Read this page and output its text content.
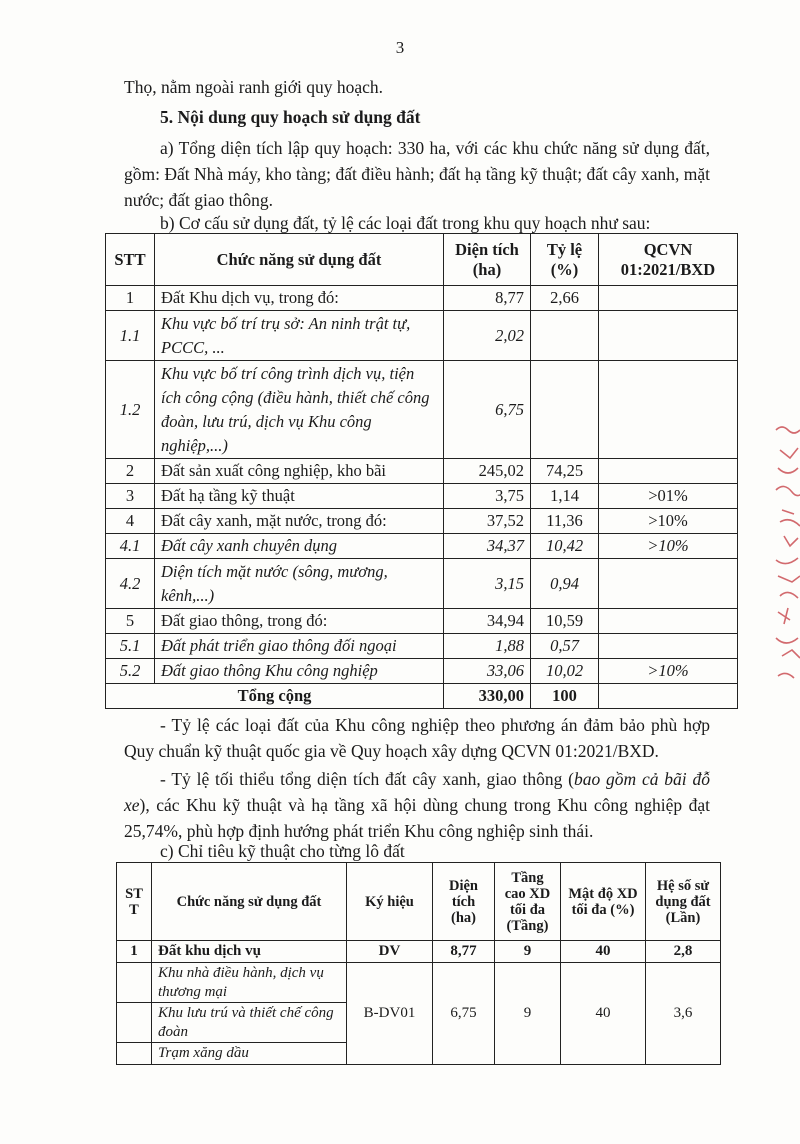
3

Thọ, nằm ngoài ranh giới quy hoạch.

5. Nội dung quy hoạch sử dụng đất

a) Tổng diện tích lập quy hoạch: 330 ha, với các khu chức năng sử dụng đất, gồm: Đất Nhà máy, kho tàng; đất điều hành; đất hạ tầng kỹ thuật; đất cây xanh, mặt nước; đất giao thông.

b) Cơ cấu sử dụng đất, tỷ lệ các loại đất trong khu quy hoạch như sau:

STT	Chức năng sử dụng đất	Diện tích (ha)	Tỷ lệ (%)	QCVN 01:2021/BXD
1	Đất Khu dịch vụ, trong đó:	8,77	2,66	
1.1	Khu vực bố trí trụ sở: An ninh trật tự, PCCC, ...	2,02		
1.2	Khu vực bố trí công trình dịch vụ, tiện ích công cộng (điều hành, thiết chế công đoàn, lưu trú, dịch vụ Khu công nghiệp,...)	6,75		
2	Đất sản xuất công nghiệp, kho bãi	245,02	74,25	
3	Đất hạ tầng kỹ thuật	3,75	1,14	>01%
4	Đất cây xanh, mặt nước, trong đó:	37,52	11,36	>10%
4.1	Đất cây xanh chuyên dụng	34,37	10,42	>10%
4.2	Diện tích mặt nước (sông, mương, kênh,...)	3,15	0,94	
5	Đất giao thông, trong đó:	34,94	10,59	
5.1	Đất phát triển giao thông đối ngoại	1,88	0,57	
5.2	Đất giao thông Khu công nghiệp	33,06	10,02	>10%
Tổng cộng		330,00	100	

- Tỷ lệ các loại đất của Khu công nghiệp theo phương án đảm bảo phù hợp Quy chuẩn kỹ thuật quốc gia về Quy hoạch xây dựng QCVN 01:2021/BXD.

- Tỷ lệ tối thiểu tổng diện tích đất cây xanh, giao thông (bao gồm cả bãi đỗ xe), các Khu kỹ thuật và hạ tầng xã hội dùng chung trong Khu công nghiệp đạt 25,74%, phù hợp định hướng phát triển Khu công nghiệp sinh thái.

c) Chỉ tiêu kỹ thuật cho từng lô đất

STT	Chức năng sử dụng đất	Ký hiệu	Diện tích (ha)	Tầng cao XD tối đa (Tầng)	Mật độ XD tối đa (%)	Hệ số sử dụng đất (Lần)
1	Đất khu dịch vụ	DV	8,77	9	40	2,8
	Khu nhà điều hành, dịch vụ thương mại	B-DV01	6,75	9	40	3,6
	Khu lưu trú và thiết chế công đoàn					
	Trạm xăng dầu					
